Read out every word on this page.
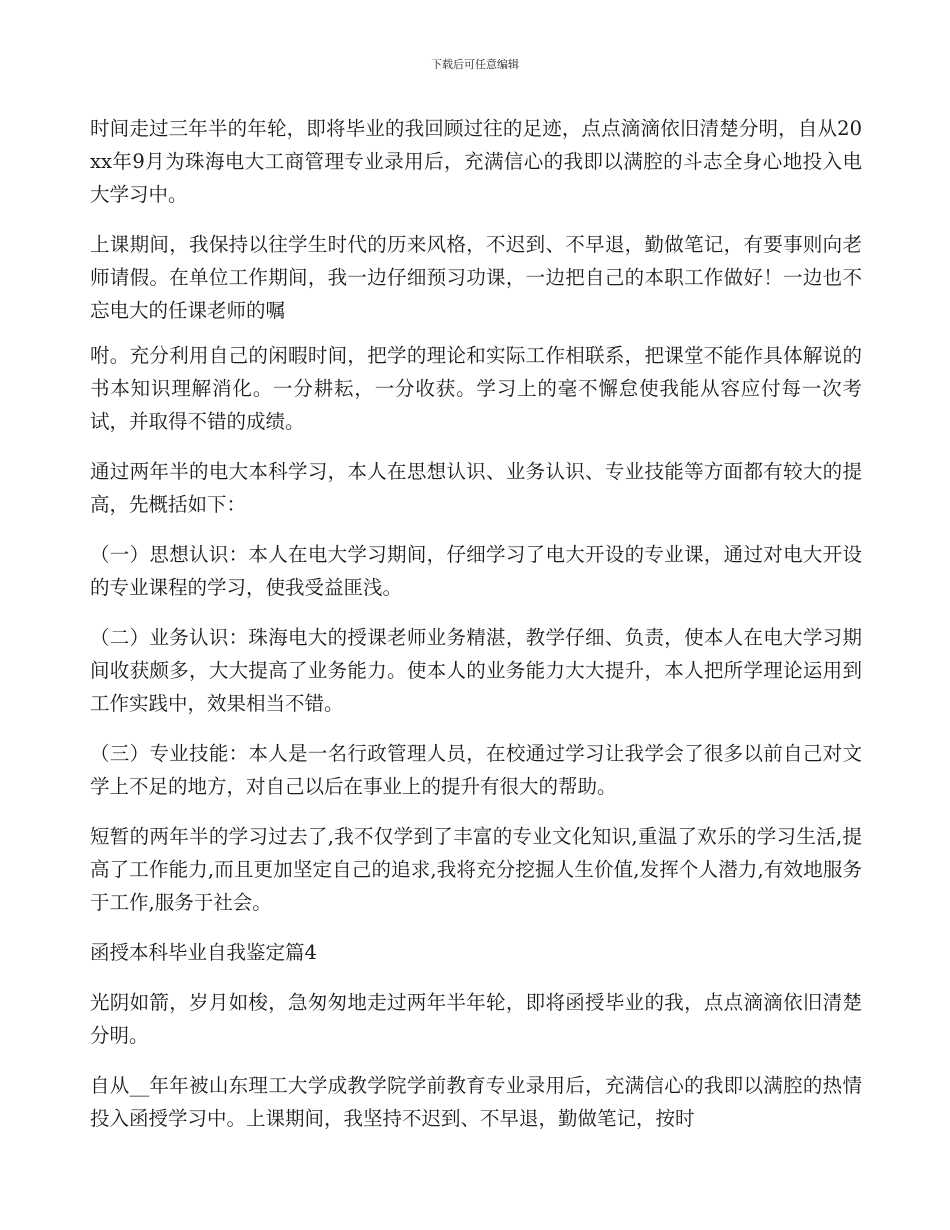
下载后可任意编辑

时间走过三年半的年轮，即将毕业的我回顾过往的足迹，点点滴滴依旧清楚分明，自从20xx年9月为珠海电大工商管理专业录用后，充满信心的我即以满腔的斗志全身心地投入电大学习中。

上课期间，我保持以往学生时代的历来风格，不迟到、不早退，勤做笔记，有要事则向老师请假。在单位工作期间，我一边仔细预习功课，一边把自己的本职工作做好！一边也不忘电大的任课老师的嘱

咐。充分利用自己的闲暇时间，把学的理论和实际工作相联系，把课堂不能作具体解说的书本知识理解消化。一分耕耘，一分收获。学习上的毫不懈怠使我能从容应付每一次考试，并取得不错的成绩。

通过两年半的电大本科学习，本人在思想认识、业务认识、专业技能等方面都有较大的提高，先概括如下：

（一）思想认识：本人在电大学习期间，仔细学习了电大开设的专业课，通过对电大开设的专业课程的学习，使我受益匪浅。

（二）业务认识：珠海电大的授课老师业务精湛，教学仔细、负责，使本人在电大学习期间收获颇多，大大提高了业务能力。使本人的业务能力大大提升，本人把所学理论运用到工作实践中，效果相当不错。

（三）专业技能：本人是一名行政管理人员，在校通过学习让我学会了很多以前自己对文学上不足的地方，对自己以后在事业上的提升有很大的帮助。

短暂的两年半的学习过去了,我不仅学到了丰富的专业文化知识,重温了欢乐的学习生活,提高了工作能力,而且更加坚定自己的追求,我将充分挖掘人生价值,发挥个人潜力,有效地服务于工作,服务于社会。

函授本科毕业自我鉴定篇4

光阴如箭，岁月如梭，急匆匆地走过两年半年轮，即将函授毕业的我，点点滴滴依旧清楚分明。

自从__年年被山东理工大学成教学院学前教育专业录用后，充满信心的我即以满腔的热情投入函授学习中。上课期间，我坚持不迟到、不早退，勤做笔记，按时
